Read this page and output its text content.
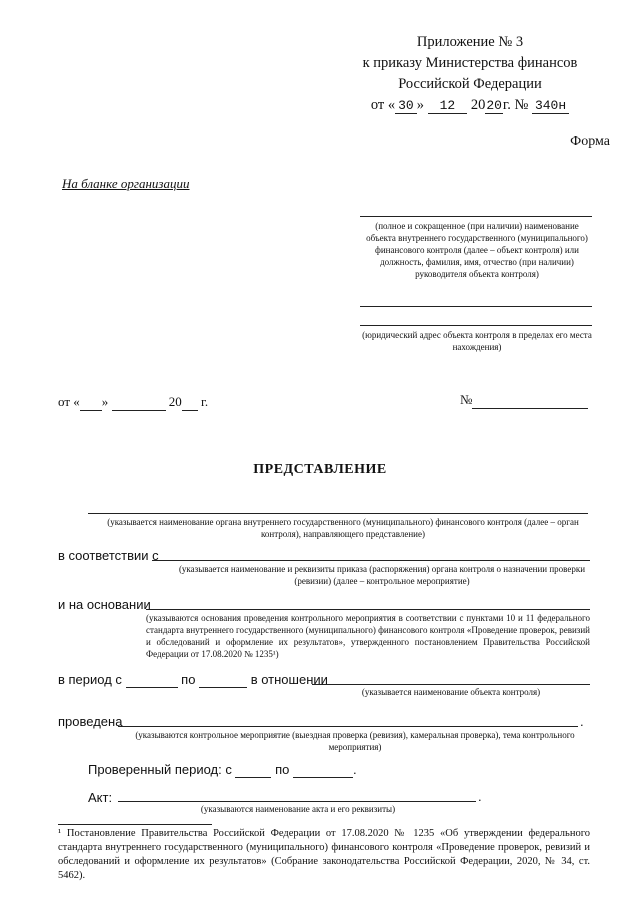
Приложение № 3
к приказу Министерства финансов
Российской Федерации
от « 30 » 12 2020г. № 340н
Форма
На бланке организации
(полное и сокращенное (при наличии) наименование объекта внутреннего государственного (муниципального) финансового контроля (далее – объект контроля) или должность, фамилия, имя, отчество (при наличии) руководителя объекта контроля)
(юридический адрес объекта контроля в пределах его места нахождения)
от « »	20 г.	№
ПРЕДСТАВЛЕНИЕ
(указывается наименование органа внутреннего государственного (муниципального) финансового контроля (далее – орган контроля), направляющего представление)
в соответствии с
(указывается наименование и реквизиты приказа (распоряжения) органа контроля о назначении проверки (ревизии) (далее – контрольное мероприятие)
и на основании
(указываются основания проведения контрольного мероприятия в соответствии с пунктами 10 и 11 федерального стандарта внутреннего государственного (муниципального) финансового контроля «Проведение проверок, ревизий и обследований и оформление их результатов», утвержденного постановлением Правительства Российской Федерации от 17.08.2020 № 1235¹)
в период с	по	в отношении
(указывается наименование объекта контроля)
проведена	.
(указываются контрольное мероприятие (выездная проверка (ревизия), камеральная проверка), тема контрольного мероприятия)
Проверенный период: с	по	.
Акт:	.
(указываются наименование акта и его реквизиты)
¹ Постановление Правительства Российской Федерации от 17.08.2020 № 1235 «Об утверждении федерального стандарта внутреннего государственного (муниципального) финансового контроля «Проведение проверок, ревизий и обследований и оформление их результатов» (Собрание законодательства Российской Федерации, 2020, № 34, ст. 5462).
